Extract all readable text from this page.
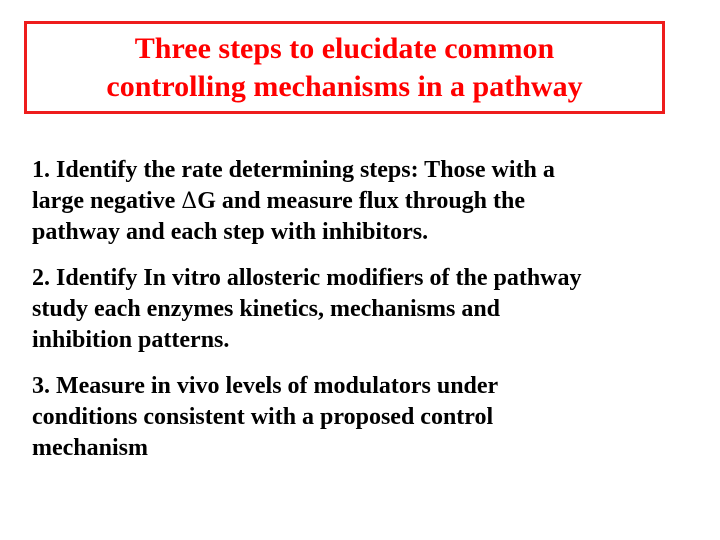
Three steps to elucidate common
controlling mechanisms in a pathway
1. Identify the rate determining steps: Those with a
large negative ΔG and measure flux through the
pathway and each step with inhibitors.
2. Identify In vitro allosteric modifiers of the pathway
study each enzymes kinetics, mechanisms and
inhibition patterns.
3. Measure in vivo levels of modulators under
conditions consistent with a proposed control
mechanism
